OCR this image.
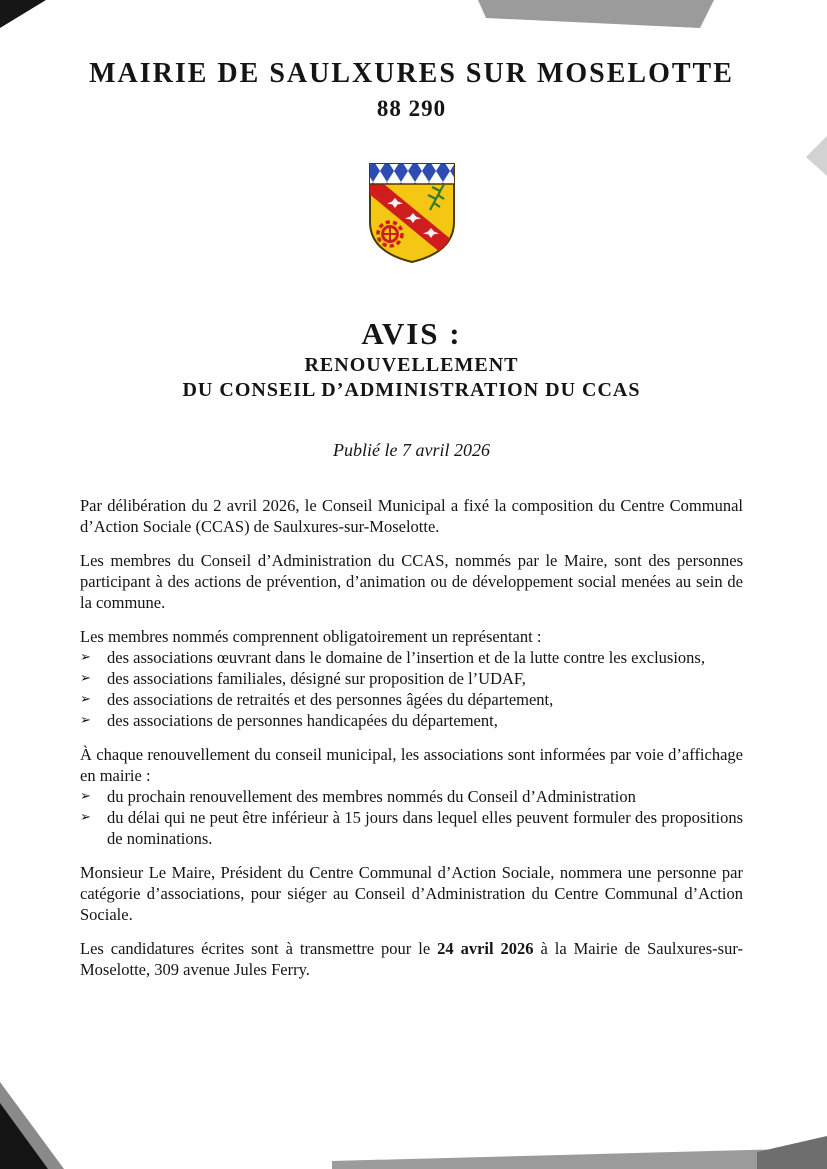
MAIRIE DE SAULXURES SUR MOSELOTTE
88 290
AVIS :
RENOUVELLEMENT
DU CONSEIL D’ADMINISTRATION DU CCAS
Publié le 7 avril 2026

Par délibération du 2 avril 2026, le Conseil Municipal a fixé la composition du Centre Communal d’Action Sociale (CCAS) de Saulxures-sur-Moselotte.

Les membres du Conseil d’Administration du CCAS, nommés par le Maire, sont des personnes participant à des actions de prévention, d’animation ou de développement social menées au sein de la commune.

Les membres nommés comprennent obligatoirement un représentant :

➢ des associations œuvrant dans le domaine de l’insertion et de la lutte contre les exclusions,
➢ des associations familiales, désigné sur proposition de l’UDAF,
➢ des associations de retraités et des personnes âgées du département,
➢ des associations de personnes handicapées du département,

À chaque renouvellement du conseil municipal, les associations sont informées par voie d’affichage en mairie :

➢ du prochain renouvellement des membres nommés du Conseil d’Administration
➢ du délai qui ne peut être inférieur à 15 jours dans lequel elles peuvent formuler des propositions de nominations.

Monsieur Le Maire, Président du Centre Communal d’Action Sociale, nommera une personne par catégorie d’associations, pour siéger au Conseil d’Administration du Centre Communal d’Action Sociale.

Les candidatures écrites sont à transmettre pour le 24 avril 2026 à la Mairie de Saulxures-sur-Moselotte, 309 avenue Jules Ferry.
